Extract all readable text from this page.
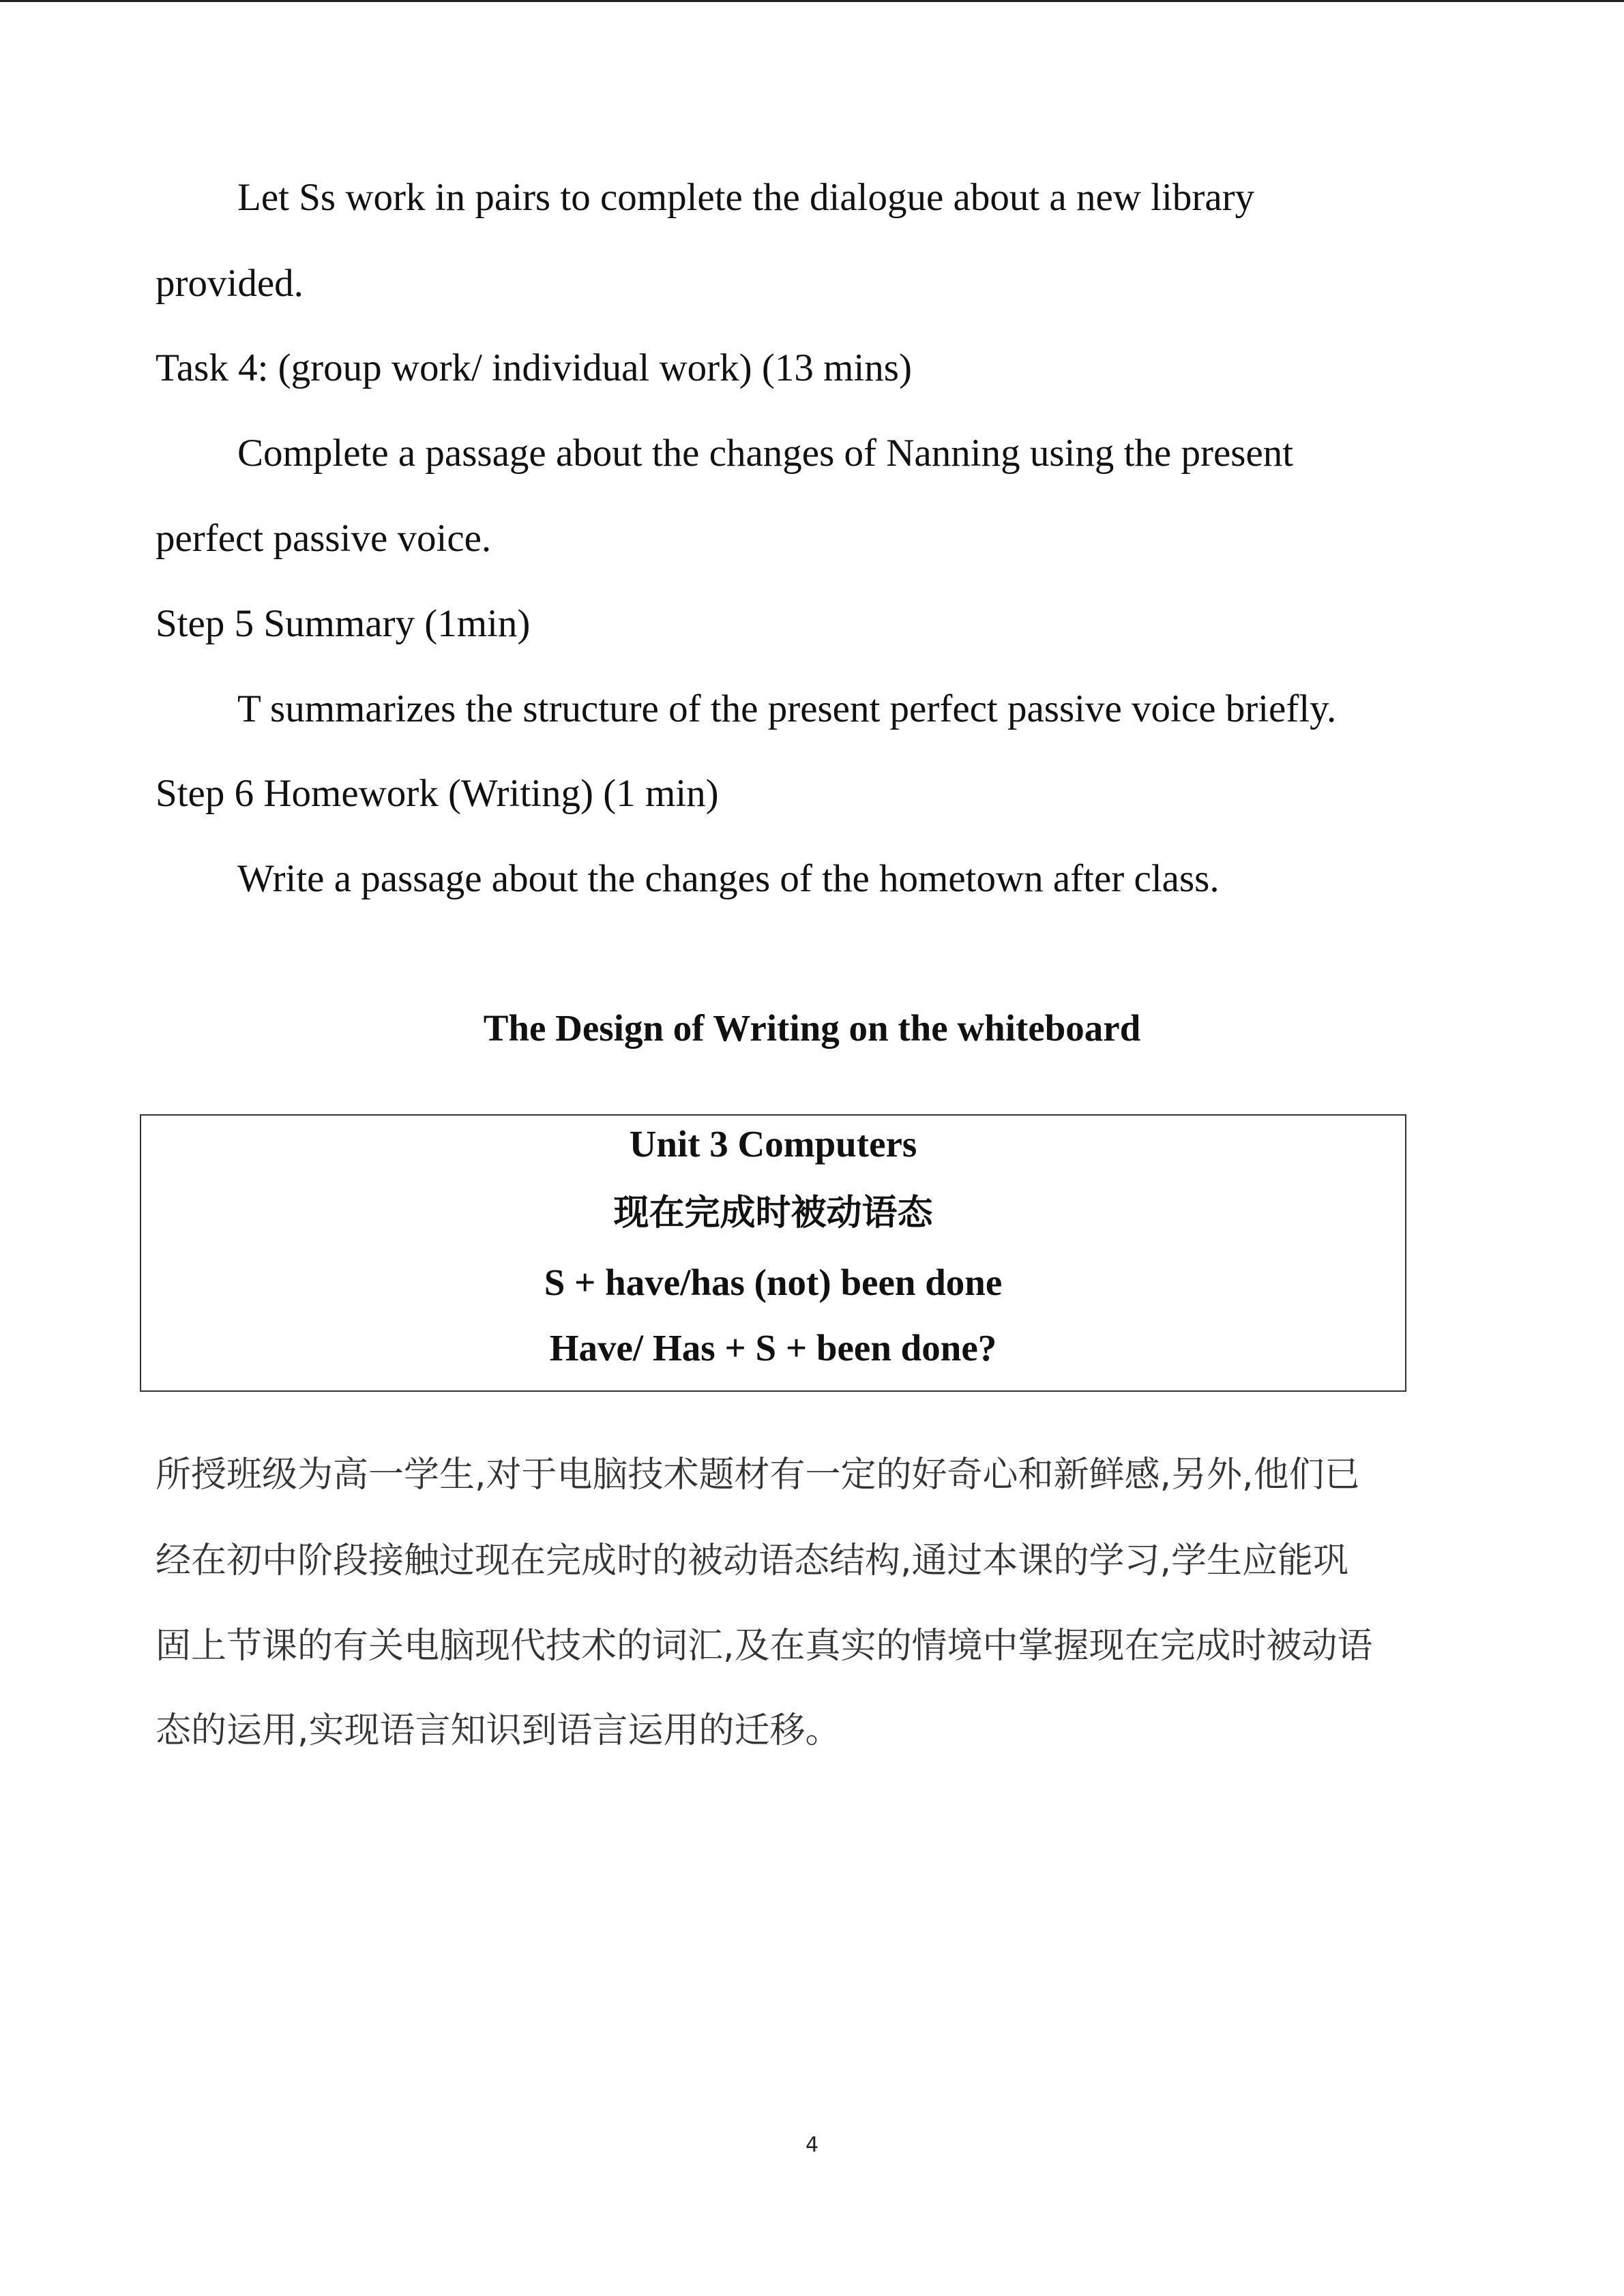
Let Ss work in pairs to complete the dialogue about a new library
provided.
Task 4: (group work/ individual work) (13 mins)
Complete a passage about the changes of Nanning using the present
perfect passive voice.
Step 5 Summary (1min)
T summarizes the structure of the present perfect passive voice briefly.
Step 6 Homework (Writing) (1 min)
Write a passage about the changes of the hometown after class.
The Design of Writing on the whiteboard
Unit 3 Computers
现在完成时被动语态
S + have/has (not) been done
Have/ Has + S + been done?
所授班级为高一学生,对于电脑技术题材有一定的好奇心和新鲜感,另外,他们已
经在初中阶段接触过现在完成时的被动语态结构,通过本课的学习,学生应能巩
固上节课的有关电脑现代技术的词汇,及在真实的情境中掌握现在完成时被动语
态的运用,实现语言知识到语言运用的迁移。
4
